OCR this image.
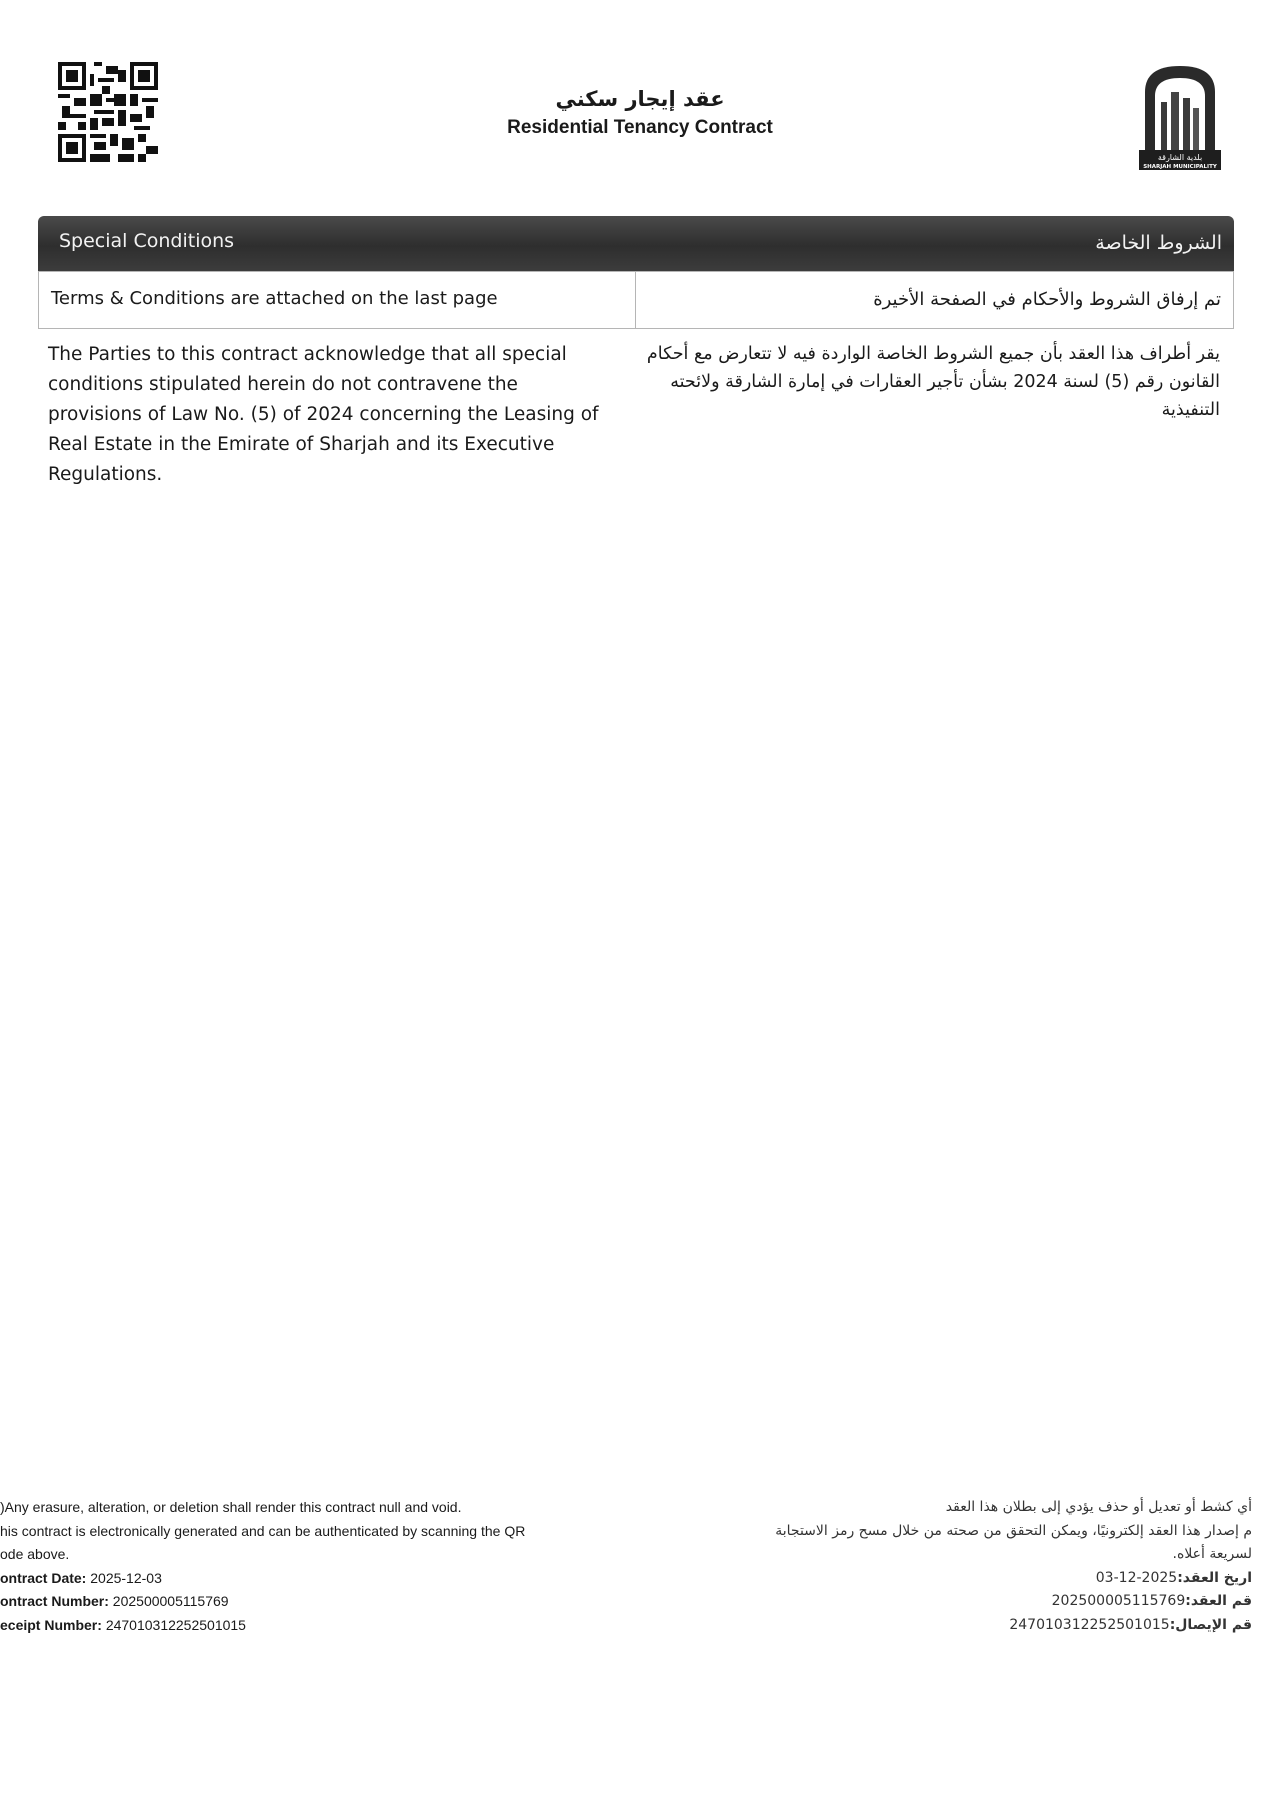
عقد إيجار سكني
Residential Tenancy Contract
بلدية الشارقة
SHARJAH MUNICIPALITY
Special Conditions	الشروط الخاصة
Terms & Conditions are attached on the last page	تم إرفاق الشروط والأحكام في الصفحة الأخيرة
The Parties to this contract acknowledge that all special conditions stipulated herein do not contravene the provisions of Law No. (5) of 2024 concerning the Leasing of Real Estate in the Emirate of Sharjah and its Executive Regulations.
يقر أطراف هذا العقد بأن جميع الشروط الخاصة الواردة فيه لا تتعارض مع أحكام القانون رقم (5) لسنة 2024 بشأن تأجير العقارات في إمارة الشارقة ولائحته التنفيذية
)Any erasure, alteration, or deletion shall render this contract null and void.
his contract is electronically generated and can be authenticated by scanning the QR
ode above.
ontract Date: 2025-12-03
ontract Number: 202500005115769
eceipt Number: 247010312252501015
أي كشط أو تعديل أو حذف يؤدي إلى بطلان هذا العقد
م إصدار هذا العقد إلكترونيًا، ويمكن التحقق من صحته من خلال مسح رمز الاستجابة
لسريعة أعلاه.
اريخ العقد:2025-12-03
قم العقد:202500005115769
قم الإيصال:247010312252501015
